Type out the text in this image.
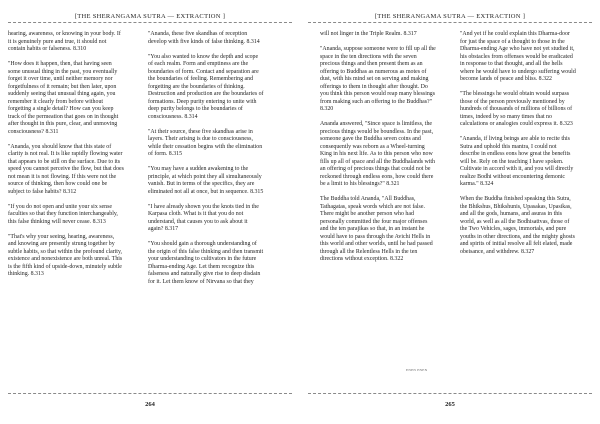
[THE SHERANGAMA SUTRA — EXTRACTION ]

hearing, awareness, or knowing in your body. If it is genuinely pure and true, it should not contain habits or falseness. 8.310

"How does it happen, then, that having seen some unusual thing in the past, you eventually forget it over time, until neither memory nor forgetfulness of it remain; but then later, upon suddenly seeing that unusual thing again, you remember it clearly from before without forgetting a single detail? How can you keep track of the permeation that goes on in thought after thought in this pure, clear, and unmoving consciousness? 8.311

"Ananda, you should know that this state of clarity is not real. It is like rapidly flowing water that appears to be still on the surface. Due to its speed you cannot perceive the flow, but that does not mean it is not flowing. If this were not the source of thinking, then how could one be subject to false habits? 8.312

"If you do not open and unite your six sense faculties so that they function interchangeably, this false thinking will never cease. 8.313

"That's why your seeing, hearing, awareness, and knowing are presently strung together by subtle habits, so that within the profound clarity, existence and nonexistence are both unreal. This is the fifth kind of upside-down, minutely subtle thinking. 8.313

"Ananda, these five skandhas of reception develop with five kinds of false thinking. 8.314

"You also wanted to know the depth and scope of each realm. Form and emptiness are the boundaries of form. Contact and separation are the boundaries of feeling. Remembering and forgetting are the boundaries of thinking. Destruction and production are the boundaries of formations. Deep purity entering to unite with deep purity belongs to the boundaries of consciousness. 8.314

"At their source, these five skandhas arise in layers. Their arising is due to consciousness, while their cessation begins with the elimination of form. 8.315

"You may have a sudden awakening to the principle, at which point they all simultaneously vanish. But in terms of the specifics, they are eliminated not all at once, but in sequence. 8.315

"I have already shown you the knots tied in the Karpasa cloth. What is it that you do not understand, that causes you to ask about it again? 8.317

"You should gain a thorough understanding of the origin of this false thinking and then transmit your understanding to cultivators in the future Dharma-ending Age. Let them recognize this falseness and naturally give rise to deep disdain for it. Let them know of Nirvana so that they

264
[THE SHERANGAMA SUTRA — EXTRACTION ]

will not linger in the Triple Realm. 8.317

"Ananda, suppose someone were to fill up all the space in the ten directions with the seven precious things and then present them as an offering to Buddhas as numerous as motes of dust, with his mind set on serving and making offerings to them in thought after thought. Do you think this person would reap many blessings from making such an offering to the Buddhas?" 8.320

Ananda answered, "Since space is limitless, the precious things would be boundless. In the past, someone gave the Buddha seven coins and consequently was reborn as a Wheel-turning King in his next life. As to this person who now fills up all of space and all the Buddhalands with an offering of precious things that could not be reckoned through endless eons, how could there be a limit to his blessings?" 8.321

The Buddha told Ananda, "All Buddhas, Tathagatas, speak words which are not false. There might be another person who had personally committed the four major offenses and the ten parajikas so that, in an instant he would have to pass through the Avichi Hells in this world and other worlds, until he had passed through all the Relentless Hells in the ten directions without exception. 8.322

"And yet if he could explain this Dharma-door for just the space of a thought to those in the Dharma-ending Age who have not yet studied it, his obstacles from offenses would be eradicated in response to that thought, and all the hells where he would have to undergo suffering would become lands of peace and bliss. 8.322

"The blessings he would obtain would surpass those of the person previously mentioned by hundreds of thousands of millions of billions of times, indeed by so many times that no calculations or analogies could express it. 8.323

"Ananda, if living beings are able to recite this Sutra and uphold this mantra, I could not describe in endless eons how great the benefits will be. Rely on the teaching I have spoken. Cultivate in accord with it, and you will directly realize Bodhi without encountering demonic karma." 8.324

When the Buddha finished speaking this Sutra, the Bhikshus, Bhikshunis, Upasakas, Upasikas, and all the gods, humans, and asuras in this world, as well as all the Bodhisattvas, those of the Two Vehicles, sages, immortals, and pure youths in other directions, and the mighty ghosts and spirits of initial resolve all felt elated, made obeisance, and withdrew. 8.327

ENEN ENEN 
265
